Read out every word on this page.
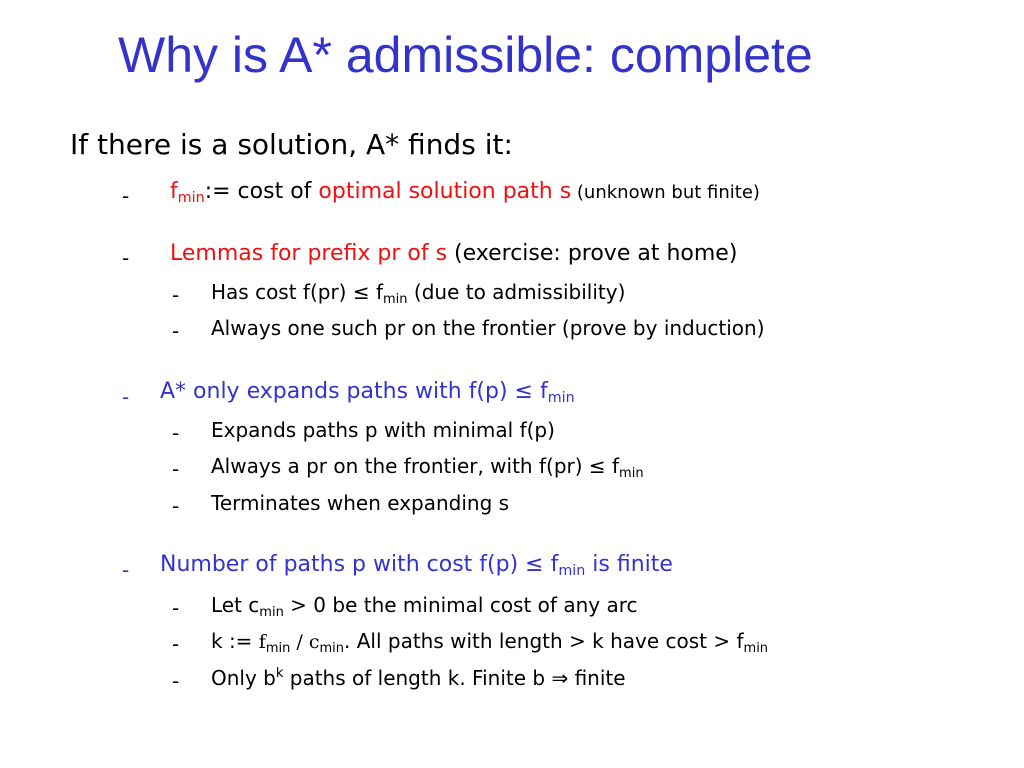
Why is A* admissible: complete
If there is a solution, A* finds it:
- $f_{min}:= \cos t$ of optimal solution path s (unknown but finite)
- Lemmas for prefix pr of s (exercise: prove at home)
- Has cost $f(pr) \le f_{min}$ (due to admissibility)
- Always one such pr on the frontier (prove by induction)
- A* only expands paths with $f(p) \le f_{min}$
- Expands paths p with minimal f(p)
- Always a pr on the frontier, with $f(pr) \le f_{min}$
- Terminates when expanding s
- Number of paths p with cost $f(p) \le f_{min}$ is finite
- Let $c_{min} > 0$ be the minimal cost of any arc
- k := $f_{min} / c_{min}$. All paths with length > k have $\cos t > f_{min}$
- Only $b^k$ paths of length k. Finite b ⇒ finite
